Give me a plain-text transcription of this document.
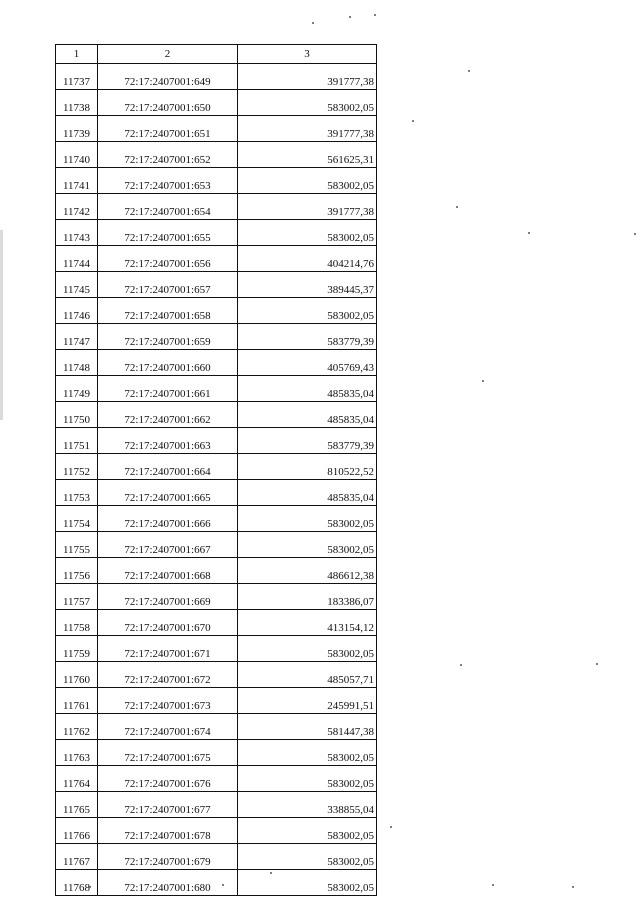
1	2	3
11737	72:17:2407001:649	391777,38
11738	72:17:2407001:650	583002,05
11739	72:17:2407001:651	391777,38
11740	72:17:2407001:652	561625,31
11741	72:17:2407001:653	583002,05
11742	72:17:2407001:654	391777,38
11743	72:17:2407001:655	583002,05
11744	72:17:2407001:656	404214,76
11745	72:17:2407001:657	389445,37
11746	72:17:2407001:658	583002,05
11747	72:17:2407001:659	583779,39
11748	72:17:2407001:660	405769,43
11749	72:17:2407001:661	485835,04
11750	72:17:2407001:662	485835,04
11751	72:17:2407001:663	583779,39
11752	72:17:2407001:664	810522,52
11753	72:17:2407001:665	485835,04
11754	72:17:2407001:666	583002,05
11755	72:17:2407001:667	583002,05
11756	72:17:2407001:668	486612,38
11757	72:17:2407001:669	183386,07
11758	72:17:2407001:670	413154,12
11759	72:17:2407001:671	583002,05
11760	72:17:2407001:672	485057,71
11761	72:17:2407001:673	245991,51
11762	72:17:2407001:674	581447,38
11763	72:17:2407001:675	583002,05
11764	72:17:2407001:676	583002,05
11765	72:17:2407001:677	338855,04
11766	72:17:2407001:678	583002,05
11767	72:17:2407001:679	583002,05
11768	72:17:2407001:680	583002,05
